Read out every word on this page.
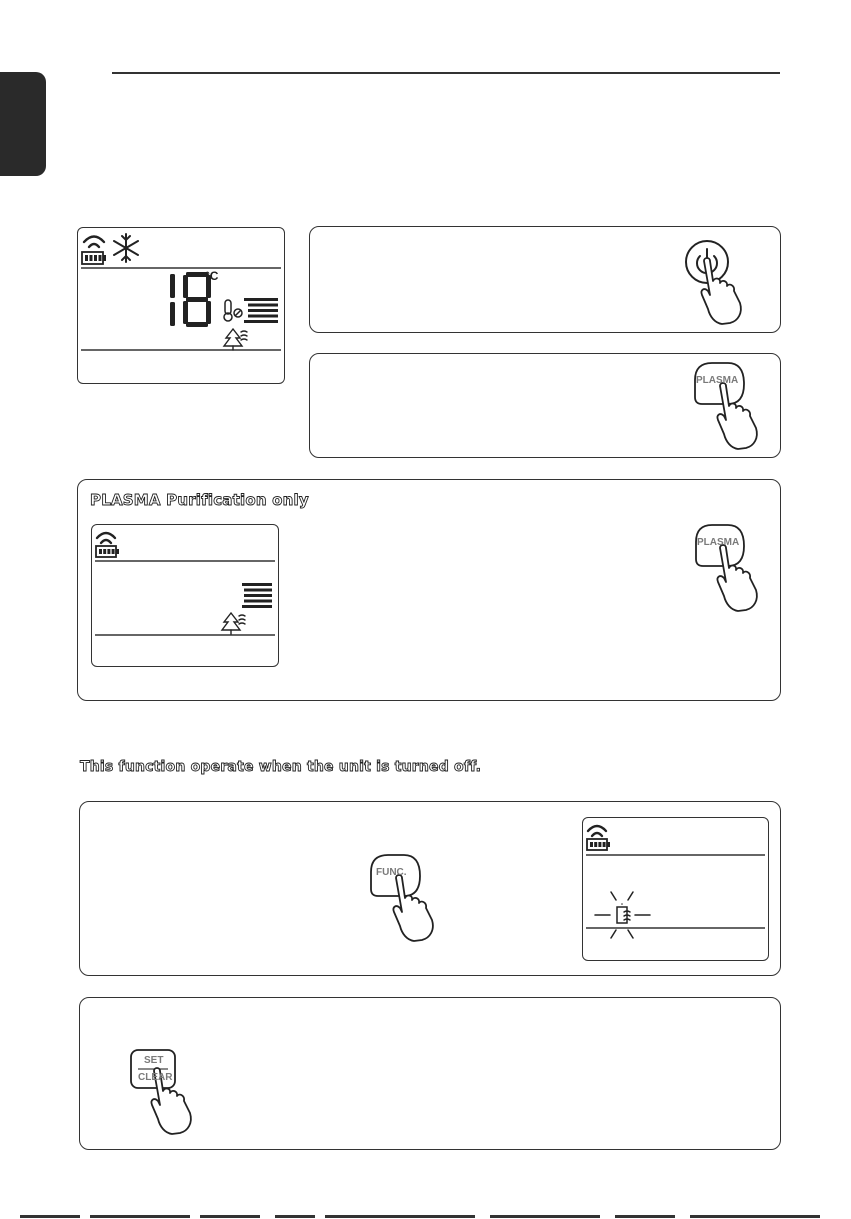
°C
PLASMA
PLASMA Purification only
PLASMA
This function operate when the unit is turned off.
FUNC.
SET
CLEAR
